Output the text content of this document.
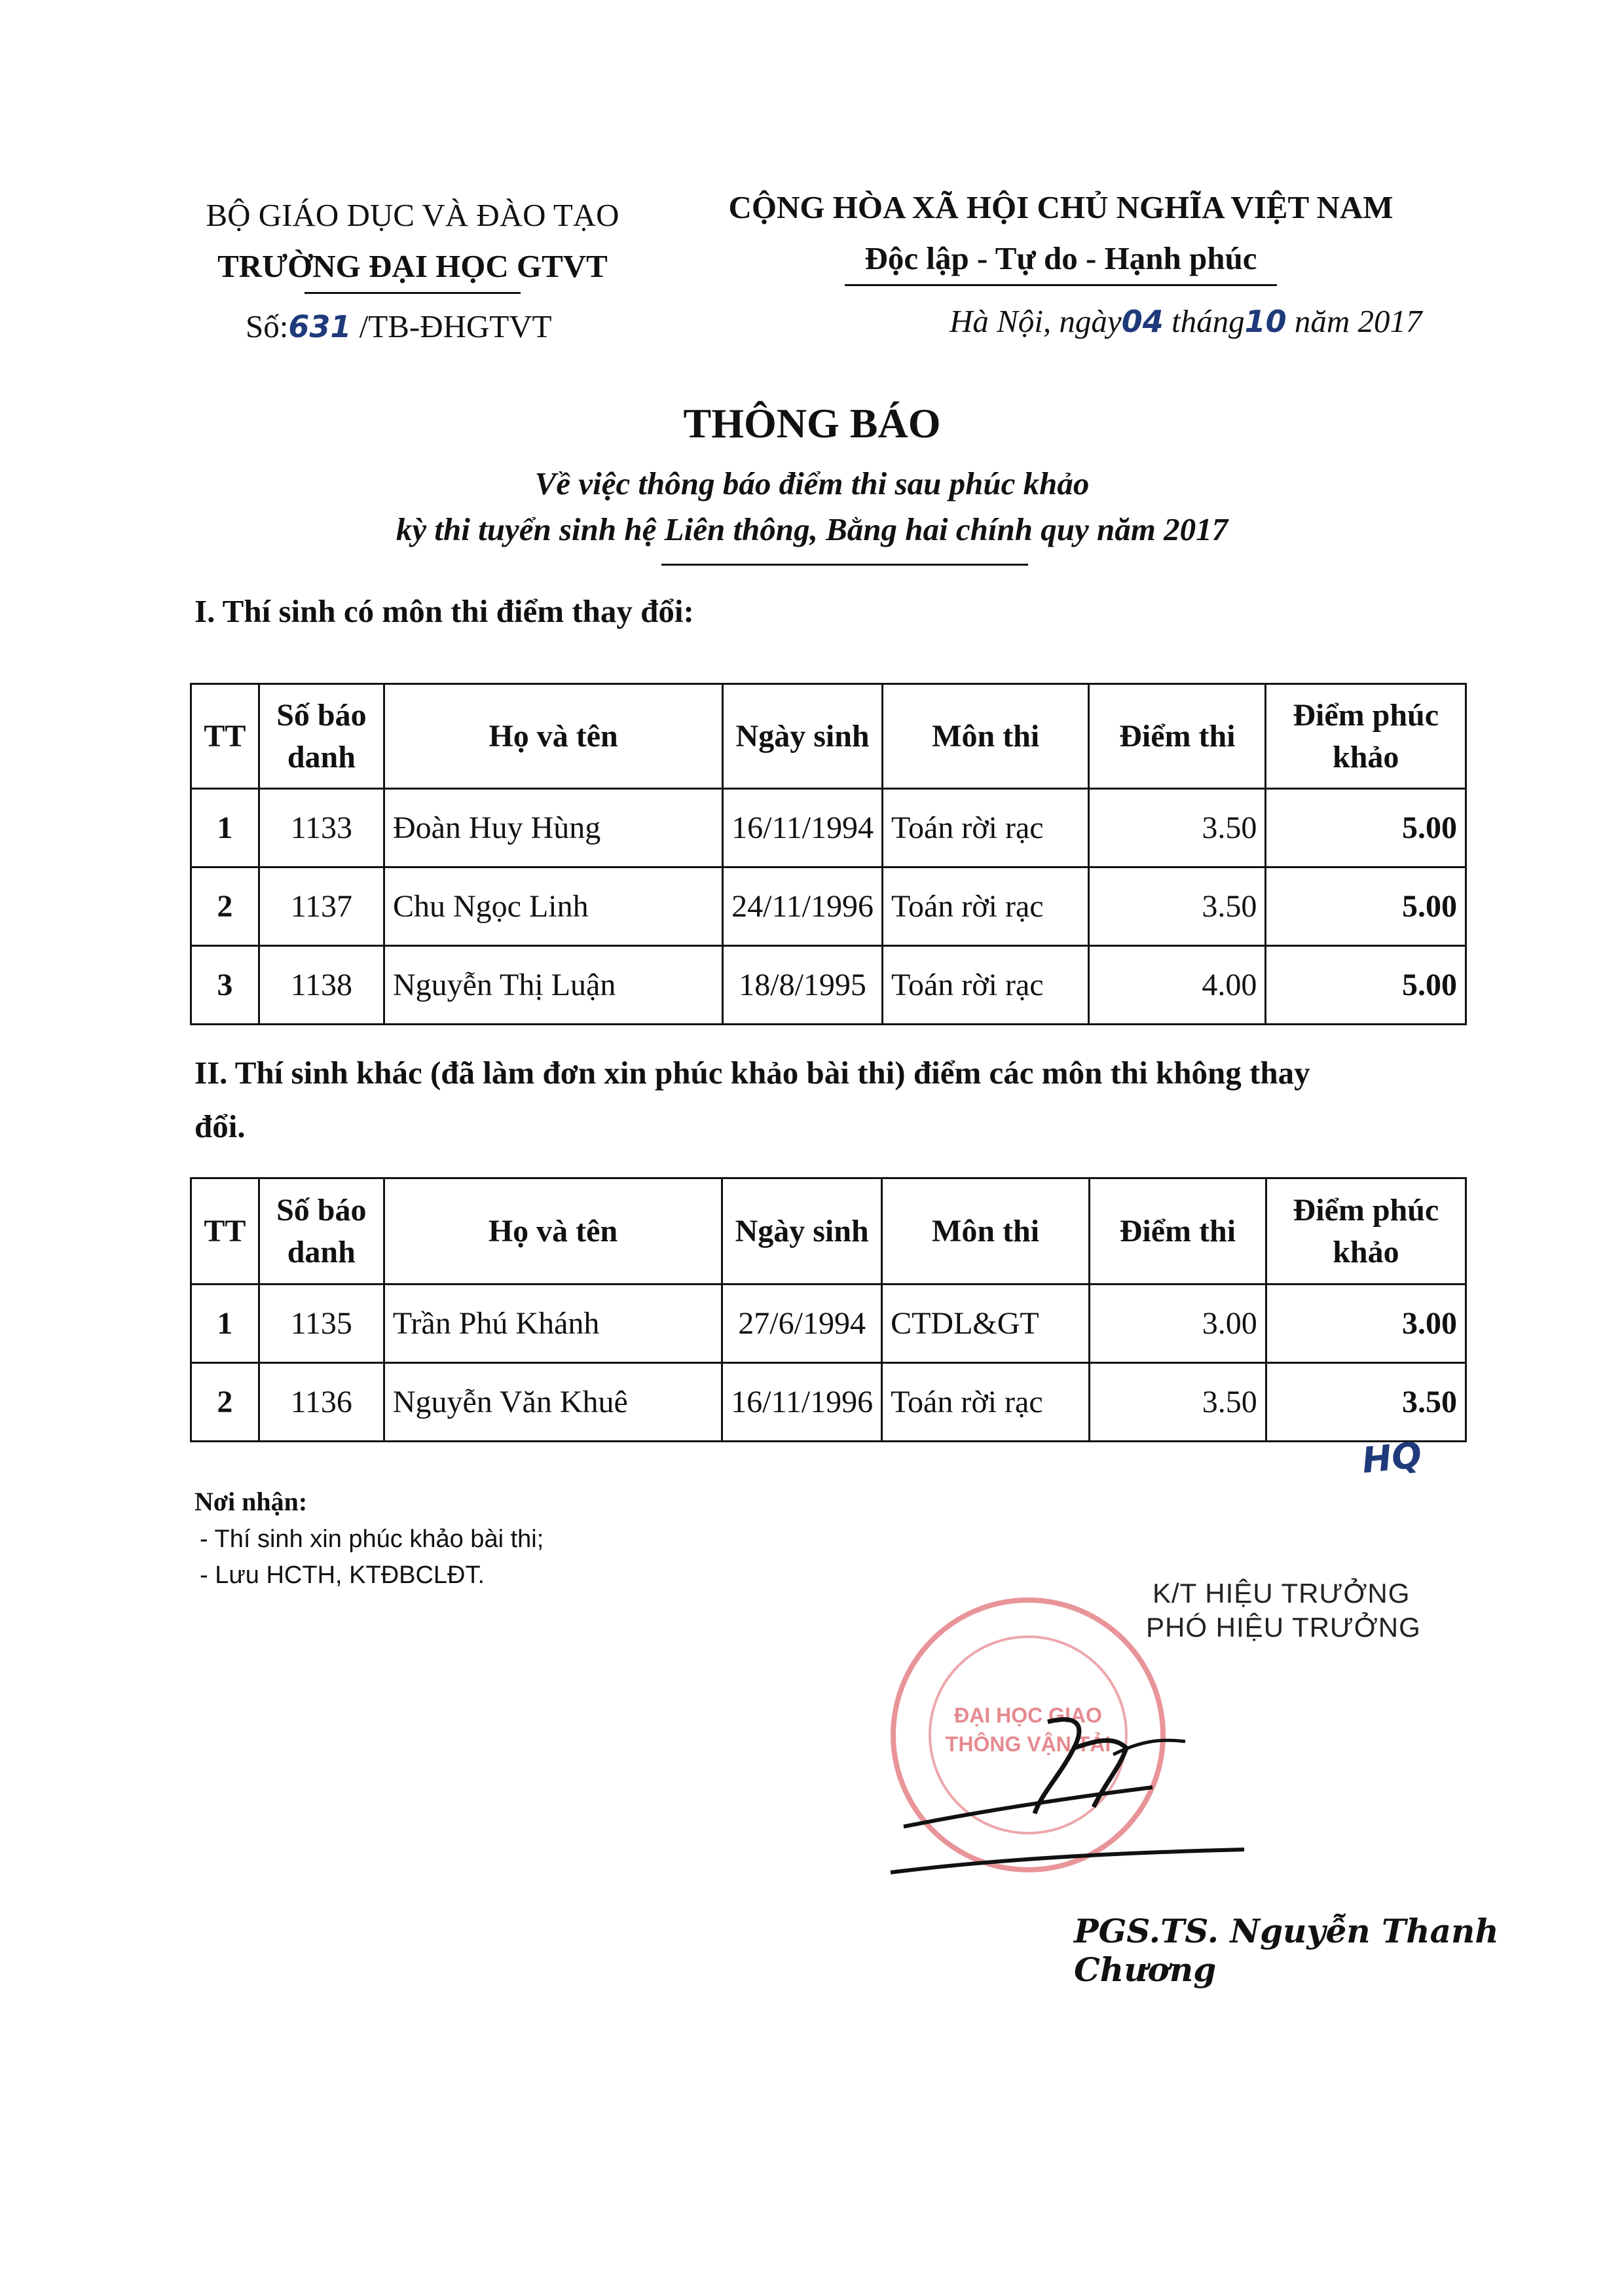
BỘ GIÁO DỤC VÀ ĐÀO TẠO
TRƯỜNG ĐẠI HỌC GTVT
CỘNG HÒA XÃ HỘI CHỦ NGHĨA VIỆT NAM
Độc lập - Tự do - Hạnh phúc
Số:631 /TB-ĐHGTVT	Hà Nội, ngày04 tháng10 năm 2017
THÔNG BÁO
Về việc thông báo điểm thi sau phúc khảo
kỳ thi tuyển sinh hệ Liên thông, Bằng hai chính quy năm 2017
I. Thí sinh có môn thi điểm thay đổi:
TT	Số báo danh	Họ và tên	Ngày sinh	Môn thi	Điểm thi	Điểm phúc khảo
1	1133	Đoàn Huy Hùng	16/11/1994	Toán rời rạc	3.50	5.00
2	1137	Chu Ngọc Linh	24/11/1996	Toán rời rạc	3.50	5.00
3	1138	Nguyễn Thị Luận	18/8/1995	Toán rời rạc	4.00	5.00
II. Thí sinh khác (đã làm đơn xin phúc khảo bài thi) điểm các môn thi không thay
đổi.
TT	Số báo danh	Họ và tên	Ngày sinh	Môn thi	Điểm thi	Điểm phúc khảo
1	1135	Trần Phú Khánh	27/6/1994	CTDL&GT	3.00	3.00
2	1136	Nguyễn Văn Khuê	16/11/1996	Toán rời rạc	3.50	3.50
HQ
Nơi nhận:
- Thí sinh xin phúc khảo bài thi;
- Lưu HCTH, KTĐBCLĐT.
ĐẠI HỌC GIAO THÔNG VẬN TẢI
K/T HIỆU TRƯỞNG
PHÓ HIỆU TRƯỞNG
PGS.TS. Nguyễn Thanh Chương
